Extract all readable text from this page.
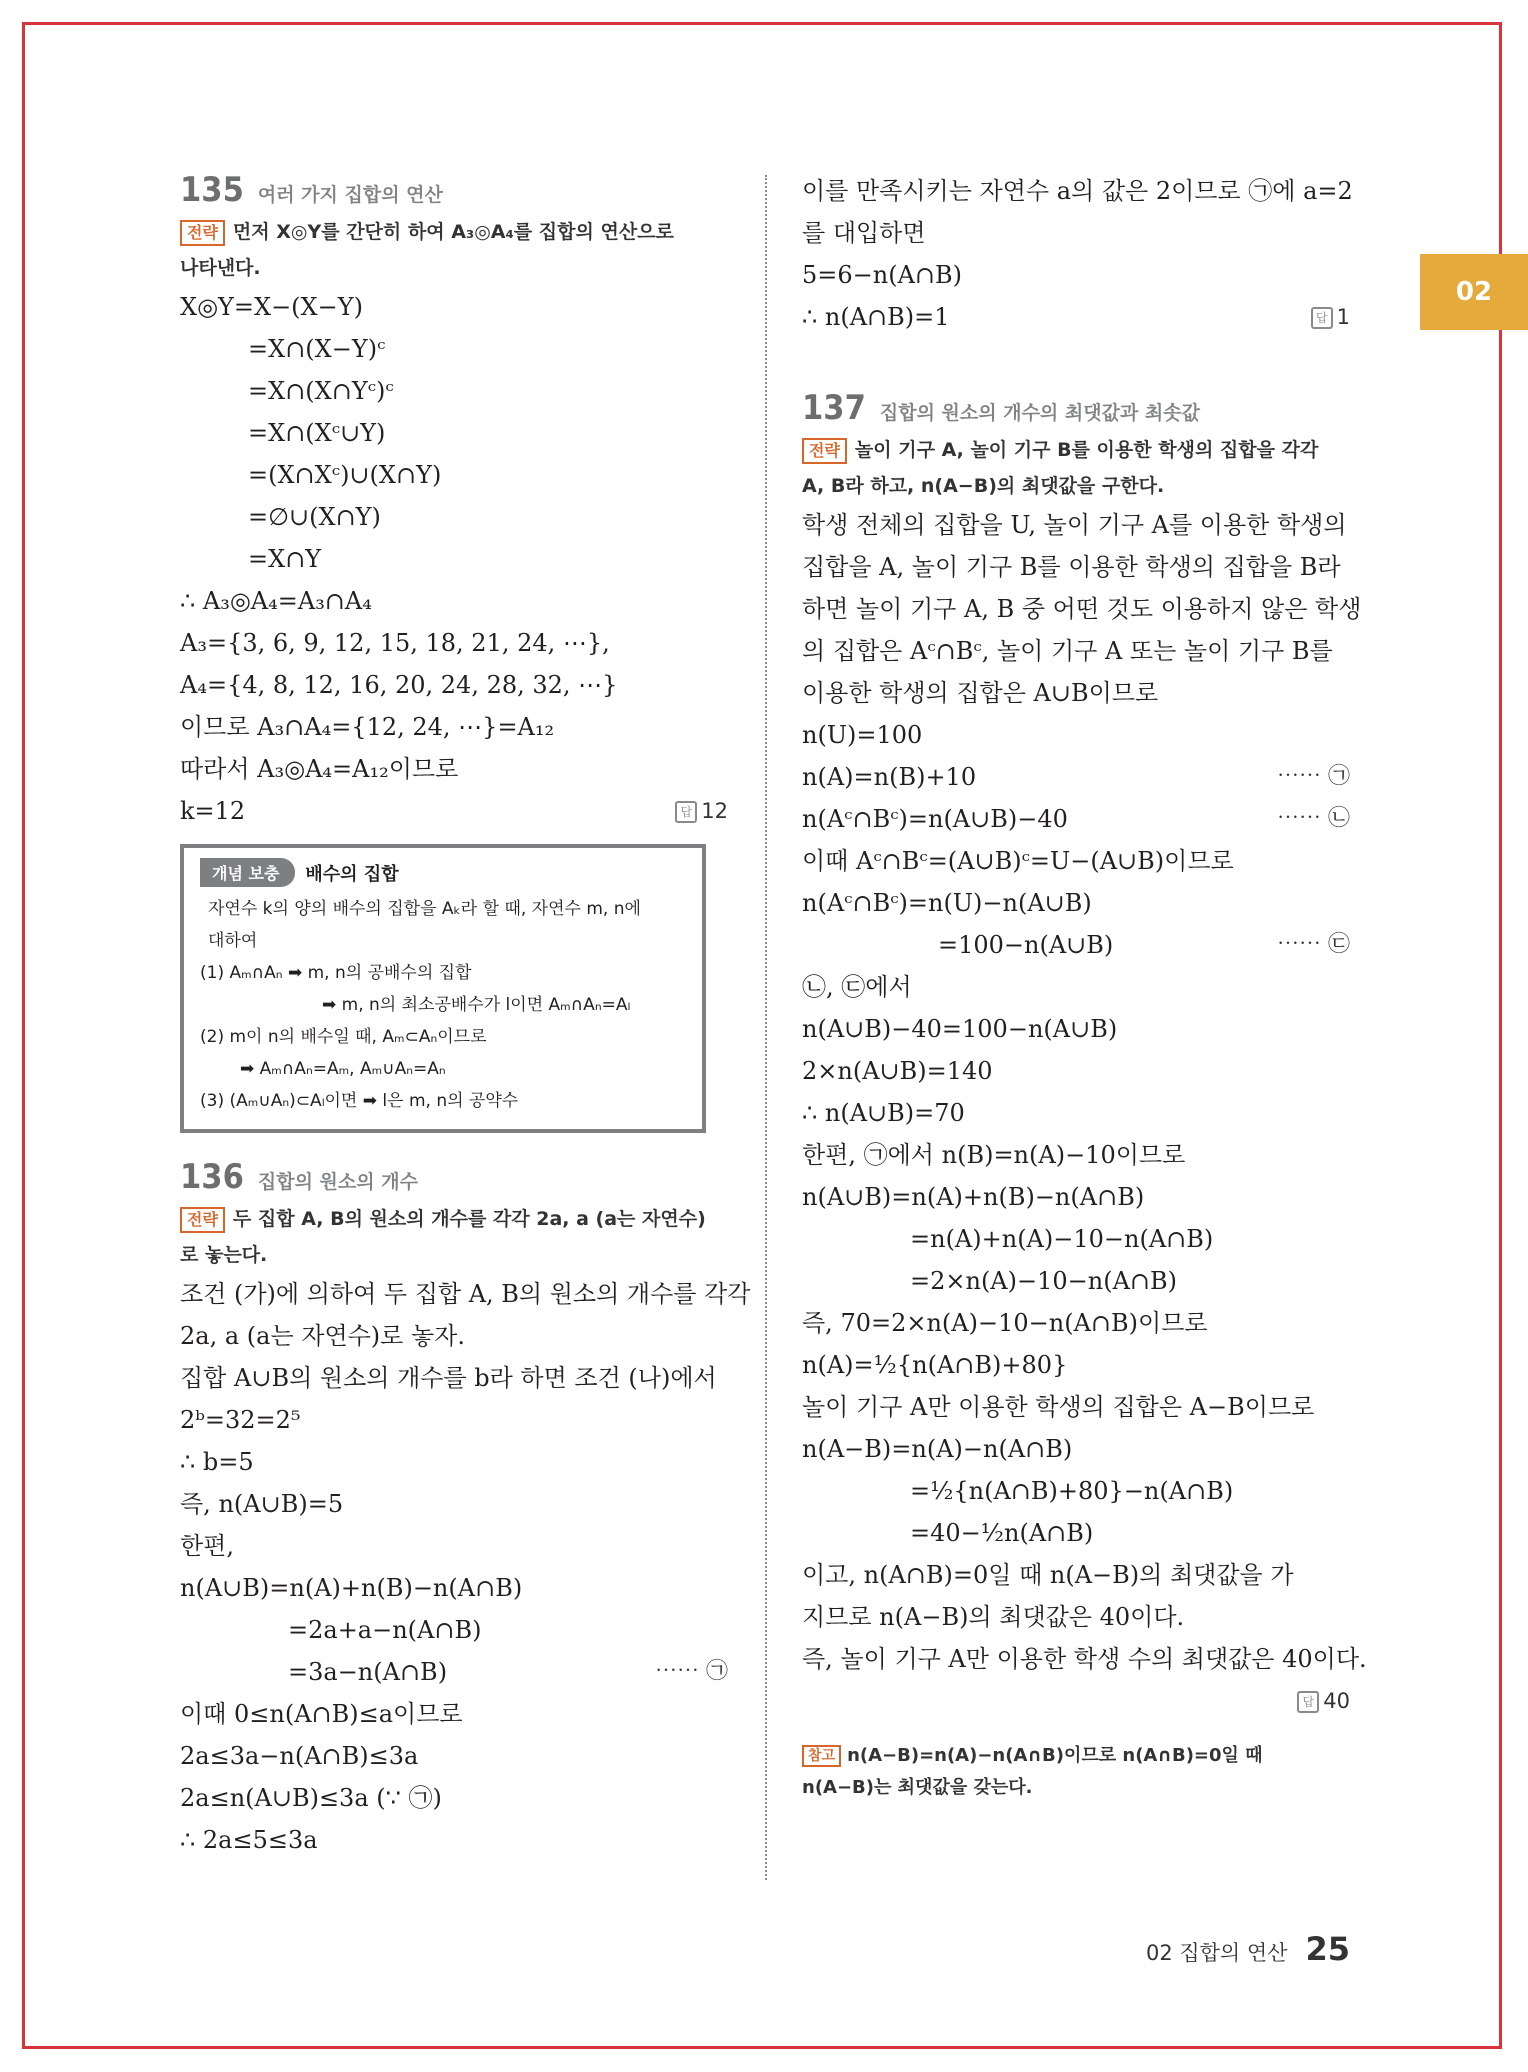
02
135 여러 가지 집합의 연산
전략 먼저 X◎Y를 간단히 하여 A₃◎A₄를 집합의 연산으로
나타낸다.
X◎Y=X−(X−Y)
=X∩(X−Y)ᶜ
=X∩(X∩Yᶜ)ᶜ
=X∩(Xᶜ∪Y)
=(X∩Xᶜ)∪(X∩Y)
=∅∪(X∩Y)
=X∩Y
∴ A₃◎A₄=A₃∩A₄
A₃={3, 6, 9, 12, 15, 18, 21, 24, ⋯},
A₄={4, 8, 12, 16, 20, 24, 28, 32, ⋯}
이므로 A₃∩A₄={12, 24, ⋯}=A₁₂
따라서 A₃◎A₄=A₁₂이므로
k=12	답 12
개념 보충	배수의 집합
자연수 k의 양의 배수의 집합을 Aₖ라 할 때, 자연수 m, n에
대하여
(1) Aₘ∩Aₙ ➡ m, n의 공배수의 집합
➡ m, n의 최소공배수가 l이면 Aₘ∩Aₙ=Aₗ
(2) m이 n의 배수일 때, Aₘ⊂Aₙ이므로
➡ Aₘ∩Aₙ=Aₘ, Aₘ∪Aₙ=Aₙ
(3) (Aₘ∪Aₙ)⊂Aₗ이면 ➡ l은 m, n의 공약수
136 집합의 원소의 개수
전략 두 집합 A, B의 원소의 개수를 각각 2a, a (a는 자연수)
로 놓는다.
조건 (가)에 의하여 두 집합 A, B의 원소의 개수를 각각
2a, a (a는 자연수)로 놓자.
집합 A∪B의 원소의 개수를 b라 하면 조건 (나)에서
2ᵇ=32=2⁵
∴ b=5
즉, n(A∪B)=5
한편,
n(A∪B)=n(A)+n(B)−n(A∩B)
=2a+a−n(A∩B)
=3a−n(A∩B)	⋯⋯ ㉠
이때 0≤n(A∩B)≤a이므로
2a≤3a−n(A∩B)≤3a
2a≤n(A∪B)≤3a (∵ ㉠)
∴ 2a≤5≤3a
이를 만족시키는 자연수 a의 값은 2이므로 ㉠에 a=2
를 대입하면
5=6−n(A∩B)
∴ n(A∩B)=1	답 1
137 집합의 원소의 개수의 최댓값과 최솟값
전략 놀이 기구 A, 놀이 기구 B를 이용한 학생의 집합을 각각
A, B라 하고, n(A−B)의 최댓값을 구한다.
학생 전체의 집합을 U, 놀이 기구 A를 이용한 학생의
집합을 A, 놀이 기구 B를 이용한 학생의 집합을 B라
하면 놀이 기구 A, B 중 어떤 것도 이용하지 않은 학생
의 집합은 Aᶜ∩Bᶜ, 놀이 기구 A 또는 놀이 기구 B를
이용한 학생의 집합은 A∪B이므로
n(U)=100
n(A)=n(B)+10	⋯⋯ ㉠
n(Aᶜ∩Bᶜ)=n(A∪B)−40	⋯⋯ ㉡
이때 Aᶜ∩Bᶜ=(A∪B)ᶜ=U−(A∪B)이므로
n(Aᶜ∩Bᶜ)=n(U)−n(A∪B)
=100−n(A∪B)	⋯⋯ ㉢
㉡, ㉢에서
n(A∪B)−40=100−n(A∪B)
2×n(A∪B)=140
∴ n(A∪B)=70
한편, ㉠에서 n(B)=n(A)−10이므로
n(A∪B)=n(A)+n(B)−n(A∩B)
=n(A)+n(A)−10−n(A∩B)
=2×n(A)−10−n(A∩B)
즉, 70=2×n(A)−10−n(A∩B)이므로
n(A)=½{n(A∩B)+80}
놀이 기구 A만 이용한 학생의 집합은 A−B이므로
n(A−B)=n(A)−n(A∩B)
=½{n(A∩B)+80}−n(A∩B)
=40−½n(A∩B)
이고, n(A∩B)=0일 때 n(A−B)의 최댓값을 가
지므로 n(A−B)의 최댓값은 40이다.
즉, 놀이 기구 A만 이용한 학생 수의 최댓값은 40이다.
답 40
참고 n(A−B)=n(A)−n(A∩B)이므로 n(A∩B)=0일 때
n(A−B)는 최댓값을 갖는다.
02 집합의 연산 25
